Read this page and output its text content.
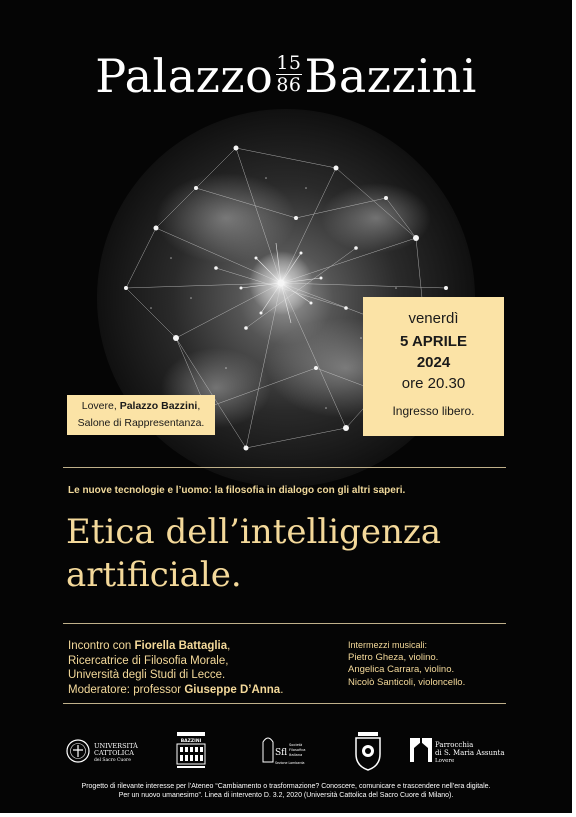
Palazzo $\frac{15}{86}$ Bazzini
venerdì
5 APRILE
2024
ore 20.30
Ingresso libero.
Lovere, Palazzo Bazzini,
Salone di Rappresentanza.
Le nuove tecnologie e l’uomo: la filosofia in dialogo con gli altri saperi.
Etica dell’intelligenza
artificiale.
Incontro con Fiorella Battaglia,
Ricercatrice di Filosofia Morale,
Università degli Studi di Lecce.
Moderatore: professor Giuseppe D’Anna.
Intermezzi musicali:
Pietro Gheza, violino.
Angelica Carrara, violino.
Nicolò Santicoli, violoncello.
UNIVERSITÀ
CATTOLICA
del Sacro Cuore
BAZZINI
Sfl
Società
Filosofica
Italiana
Sezione Lombarda
Parrocchia
di S. Maria Assunta
Lovere
Progetto di rilevante interesse per l’Ateneo “Cambiamento o trasformazione? Conoscere, comunicare e trascendere nell’era digitale.
Per un nuovo umanesimo”. Linea di intervento D. 3.2, 2020 (Università Cattolica del Sacro Cuore di Milano).
